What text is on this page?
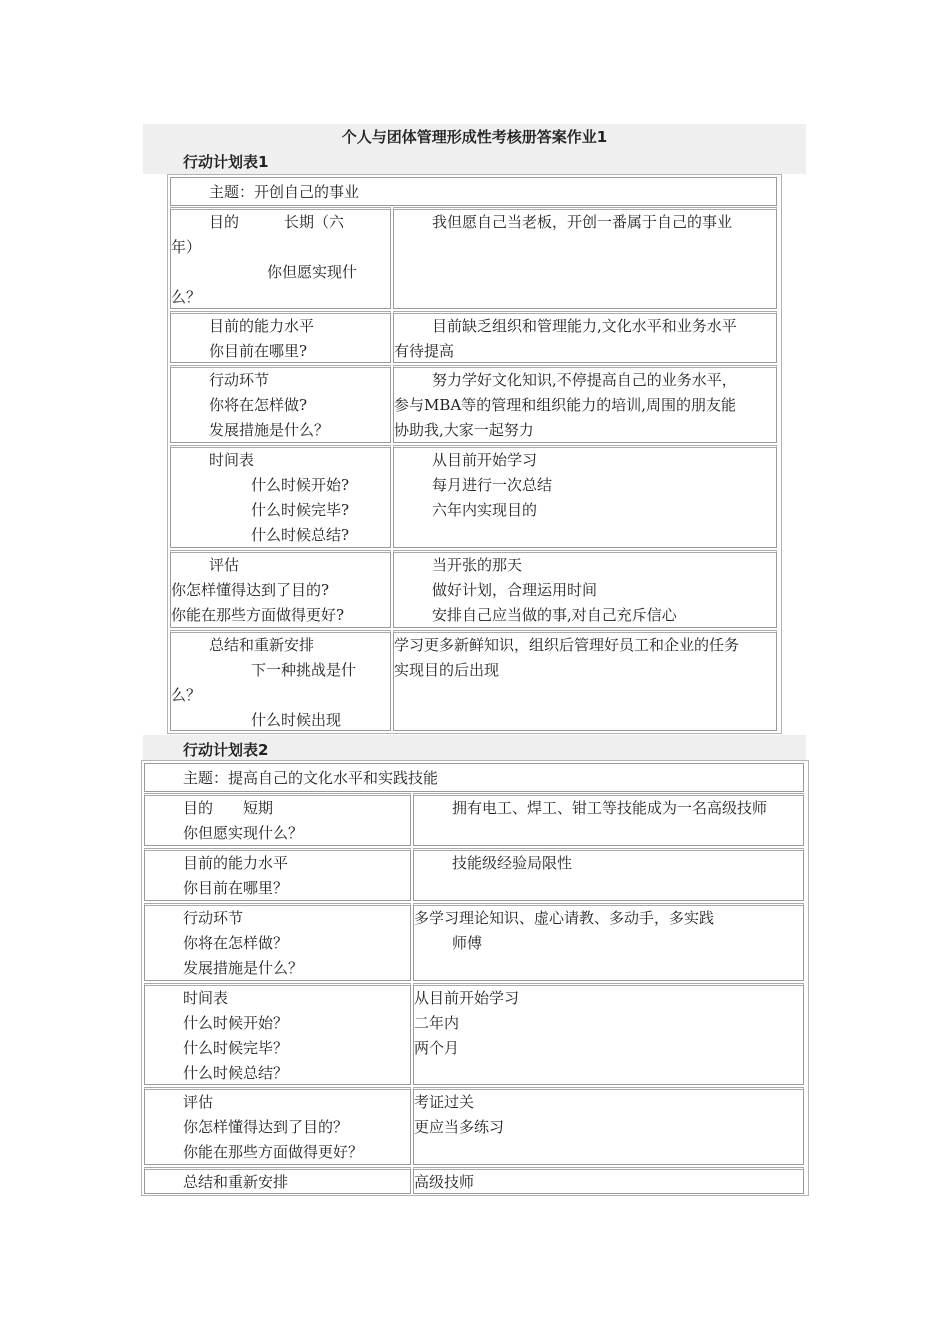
个人与团体管理形成性考核册答案作业1
行动计划表1
行动计划表2
主题：开创自己的事业
目的　　　长期（六
年）
你但愿实现什
么？
我但愿自己当老板，开创一番属于自己的事业
目前的能力水平
你目前在哪里?
目前缺乏组织和管理能力,文化水平和业务水平
有待提高
行动环节
你将在怎样做?
发展措施是什么？
努力学好文化知识,不停提高自己的业务水平，
参与MBA等的管理和组织能力的培训,周围的朋友能
协助我,大家一起努力
时间表
什么时候开始?
什么时候完毕?
什么时候总结?
从目前开始学习
每月进行一次总结
六年内实现目的
评估
你怎样懂得达到了目的?
你能在那些方面做得更好?
当开张的那天
做好计划，合理运用时间
安排自己应当做的事,对自己充斥信心
总结和重新安排
下一种挑战是什
么？
什么时候出现
学习更多新鲜知识，组织后管理好员工和企业的任务
实现目的后出现
主题：提高自己的文化水平和实践技能
目的　　短期
你但愿实现什么？
拥有电工、焊工、钳工等技能成为一名高级技师
目前的能力水平
你目前在哪里？
技能级经验局限性
行动环节
你将在怎样做？
发展措施是什么？
多学习理论知识、虚心请教、多动手，多实践
师傅
时间表
什么时候开始？
什么时候完毕？
什么时候总结？
从目前开始学习
二年内
两个月
评估
你怎样懂得达到了目的？
你能在那些方面做得更好？
考证过关
更应当多练习
总结和重新安排	高级技师
